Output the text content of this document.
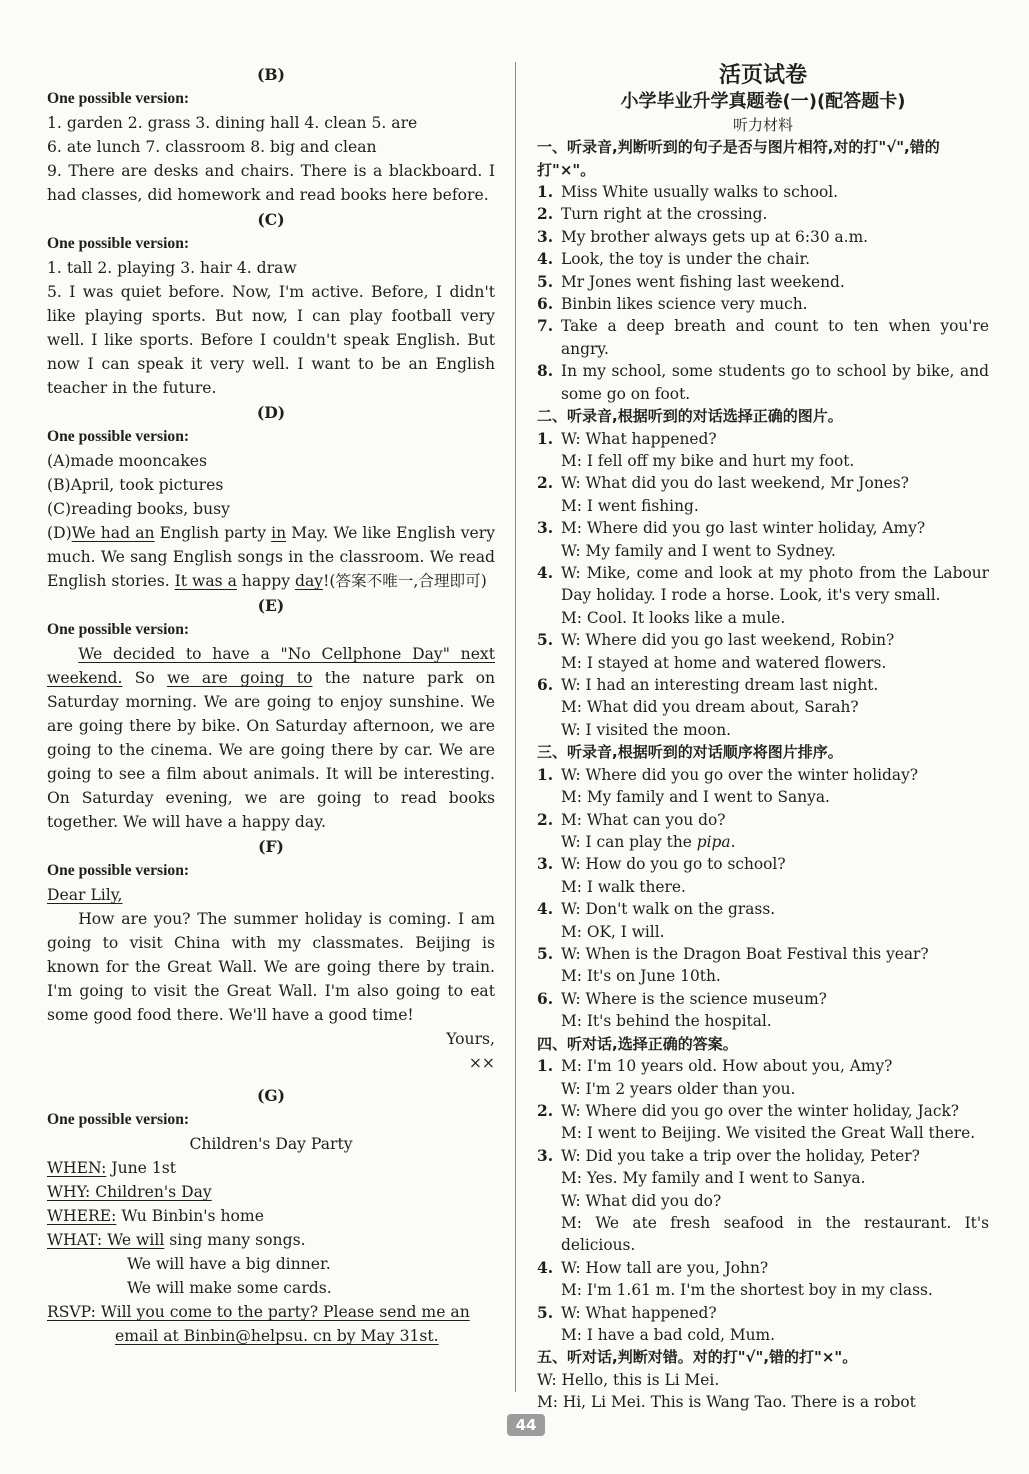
(B)
One possible version:
1. garden 2. grass 3. dining hall 4. clean 5. are
6. ate lunch 7. classroom 8. big and clean
9. There are desks and chairs. There is a blackboard. I had classes, did homework and read books here before.
(C)
One possible version:
1. tall 2. playing 3. hair 4. draw
5. I was quiet before. Now, I'm active. Before, I didn't like playing sports. But now, I can play football very well. I like sports. Before I couldn't speak English. But now I can speak it very well. I want to be an English teacher in the future.
(D)
One possible version:
(A)made mooncakes
(B)April, took pictures
(C)reading books, busy
(D)We had an English party in May. We like English very much. We sang English songs in the classroom. We read English stories. It was a happy day!(答案不唯一,合理即可)
(E)
One possible version:
We decided to have a "No Cellphone Day" next weekend. So we are going to the nature park on Saturday morning. We are going to enjoy sunshine. We are going there by bike. On Saturday afternoon, we are going to the cinema. We are going there by car. We are going to see a film about animals. It will be interesting. On Saturday evening, we are going to read books together. We will have a happy day.
(F)
One possible version:
Dear Lily,
How are you? The summer holiday is coming. I am going to visit China with my classmates. Beijing is known for the Great Wall. We are going there by train. I'm going to visit the Great Wall. I'm also going to eat some good food there. We'll have a good time!
Yours,
××
(G)
One possible version:
Children's Day Party
WHEN: June 1st
WHY: Children's Day
WHERE: Wu Binbin's home
WHAT: We will sing many songs.
We will have a big dinner.
We will make some cards.
RSVP: Will you come to the party? Please send me an
email at Binbin@helpsu. cn by May 31st.
活页试卷
小学毕业升学真题卷(一)(配答题卡)
听力材料
一、听录音,判断听到的句子是否与图片相符,对的打"√",错的打"×"。
1. Miss White usually walks to school.
2. Turn right at the crossing.
3. My brother always gets up at 6:30 a.m.
4. Look, the toy is under the chair.
5. Mr Jones went fishing last weekend.
6. Binbin likes science very much.
7. Take a deep breath and count to ten when you're angry.
8. In my school, some students go to school by bike, and some go on foot.
二、听录音,根据听到的对话选择正确的图片。
1. W: What happened?
M: I fell off my bike and hurt my foot.
2. W: What did you do last weekend, Mr Jones?
M: I went fishing.
3. M: Where did you go last winter holiday, Amy?
W: My family and I went to Sydney.
4. W: Mike, come and look at my photo from the Labour Day holiday. I rode a horse. Look, it's very small.
M: Cool. It looks like a mule.
5. W: Where did you go last weekend, Robin?
M: I stayed at home and watered flowers.
6. W: I had an interesting dream last night.
M: What did you dream about, Sarah?
W: I visited the moon.
三、听录音,根据听到的对话顺序将图片排序。
1. W: Where did you go over the winter holiday?
M: My family and I went to Sanya.
2. M: What can you do?
W: I can play the pipa.
3. W: How do you go to school?
M: I walk there.
4. W: Don't walk on the grass.
M: OK, I will.
5. W: When is the Dragon Boat Festival this year?
M: It's on June 10th.
6. W: Where is the science museum?
M: It's behind the hospital.
四、听对话,选择正确的答案。
1. M: I'm 10 years old. How about you, Amy?
W: I'm 2 years older than you.
2. W: Where did you go over the winter holiday, Jack?
M: I went to Beijing. We visited the Great Wall there.
3. W: Did you take a trip over the holiday, Peter?
M: Yes. My family and I went to Sanya.
W: What did you do?
M: We ate fresh seafood in the restaurant. It's delicious.
4. W: How tall are you, John?
M: I'm 1.61 m. I'm the shortest boy in my class.
5. W: What happened?
M: I have a bad cold, Mum.
五、听对话,判断对错。对的打"√",错的打"×"。
W: Hello, this is Li Mei.
M: Hi, Li Mei. This is Wang Tao. There is a robot
44
